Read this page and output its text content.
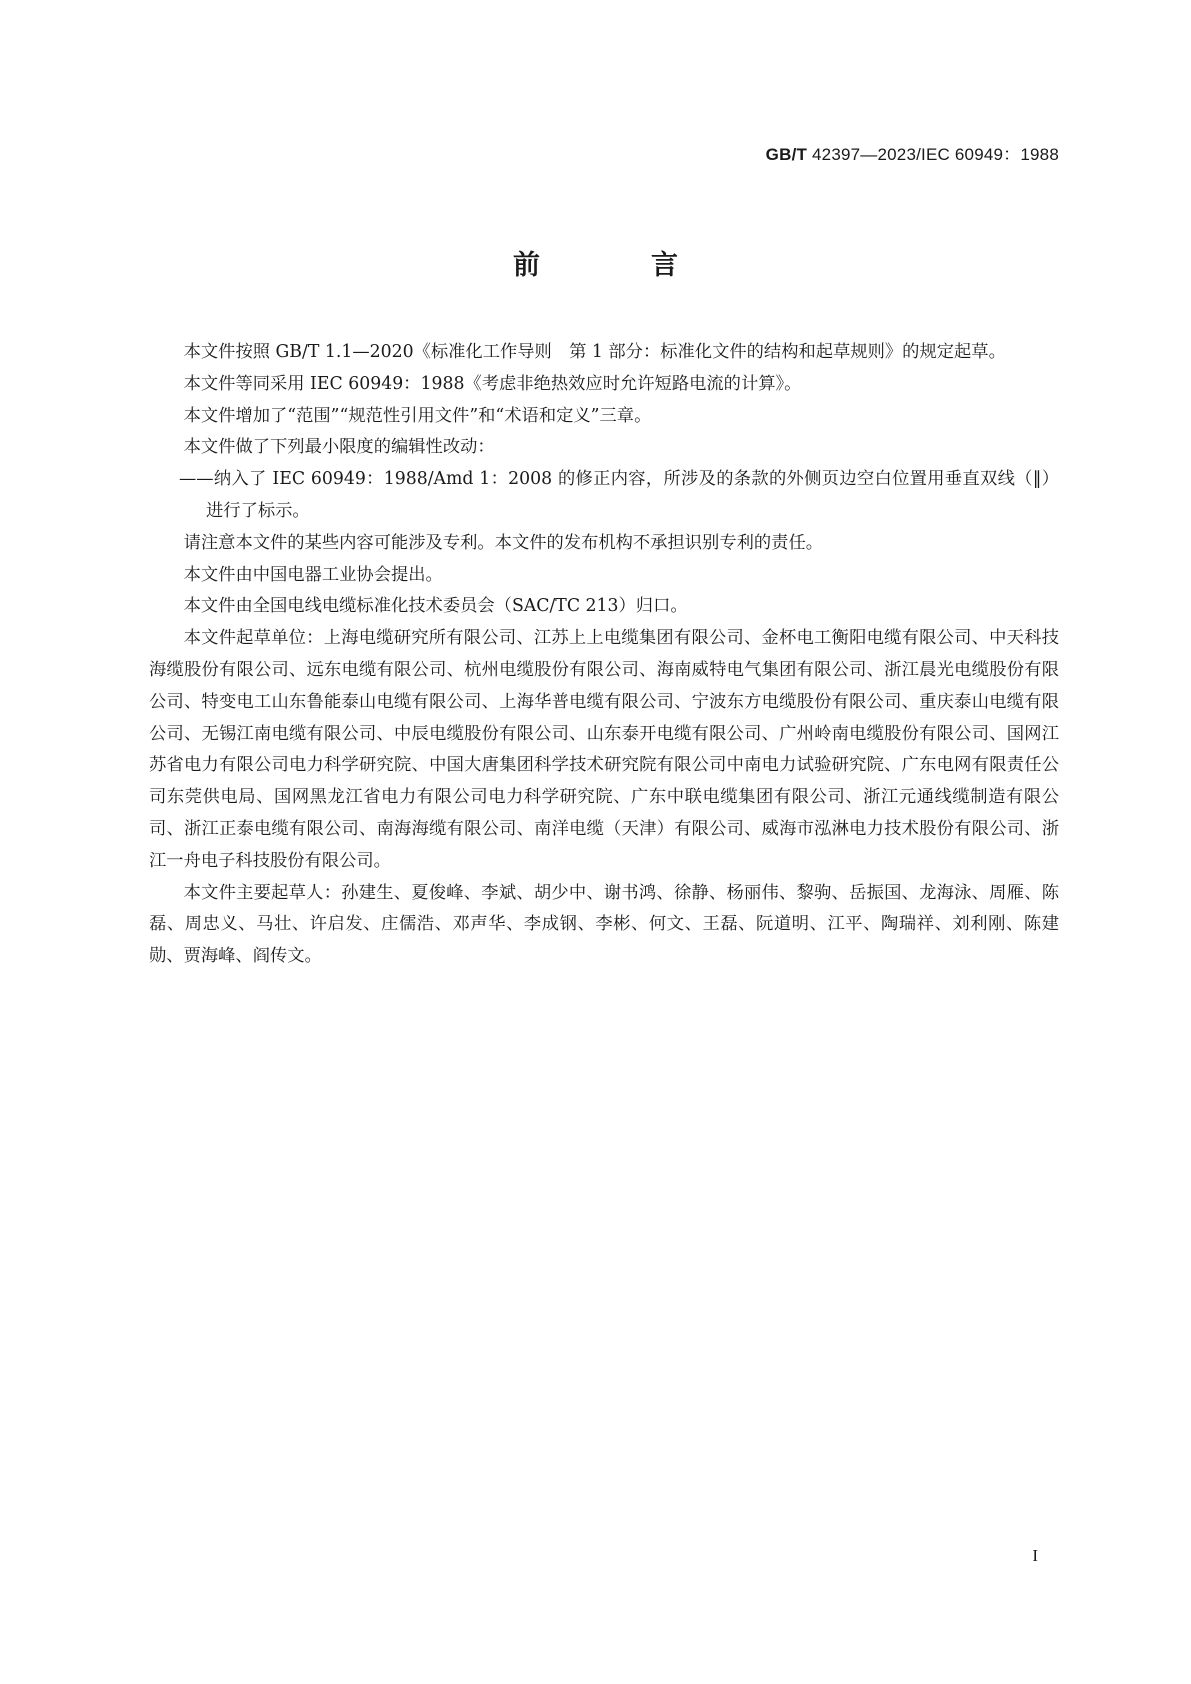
GB/T 42397—2023/IEC 60949：1988
前　言

本文件按照 GB/T 1.1—2020《标准化工作导则　第 1 部分：标准化文件的结构和起草规则》的规定起草。

本文件等同采用 IEC 60949：1988《考虑非绝热效应时允许短路电流的计算》。

本文件增加了“范围”“规范性引用文件”和“术语和定义”三章。

本文件做了下列最小限度的编辑性改动：

——纳入了 IEC 60949：1988/Amd 1：2008 的修正内容，所涉及的条款的外侧页边空白位置用垂直双线（‖）进行了标示。

请注意本文件的某些内容可能涉及专利。本文件的发布机构不承担识别专利的责任。

本文件由中国电器工业协会提出。

本文件由全国电线电缆标准化技术委员会（SAC/TC 213）归口。

本文件起草单位：上海电缆研究所有限公司、江苏上上电缆集团有限公司、金杯电工衡阳电缆有限公司、中天科技海缆股份有限公司、远东电缆有限公司、杭州电缆股份有限公司、海南威特电气集团有限公司、浙江晨光电缆股份有限公司、特变电工山东鲁能泰山电缆有限公司、上海华普电缆有限公司、宁波东方电缆股份有限公司、重庆泰山电缆有限公司、无锡江南电缆有限公司、中辰电缆股份有限公司、山东泰开电缆有限公司、广州岭南电缆股份有限公司、国网江苏省电力有限公司电力科学研究院、中国大唐集团科学技术研究院有限公司中南电力试验研究院、广东电网有限责任公司东莞供电局、国网黑龙江省电力有限公司电力科学研究院、广东中联电缆集团有限公司、浙江元通线缆制造有限公司、浙江正泰电缆有限公司、南海海缆有限公司、南洋电缆（天津）有限公司、威海市泓淋电力技术股份有限公司、浙江一舟电子科技股份有限公司。

本文件主要起草人：孙建生、夏俊峰、李斌、胡少中、谢书鸿、徐静、杨丽伟、黎驹、岳振国、龙海泳、周雁、陈磊、周忠义、马壮、许启发、庄儒浩、邓声华、李成钢、李彬、何文、王磊、阮道明、江平、陶瑞祥、刘利刚、陈建勋、贾海峰、阎传文。

I
